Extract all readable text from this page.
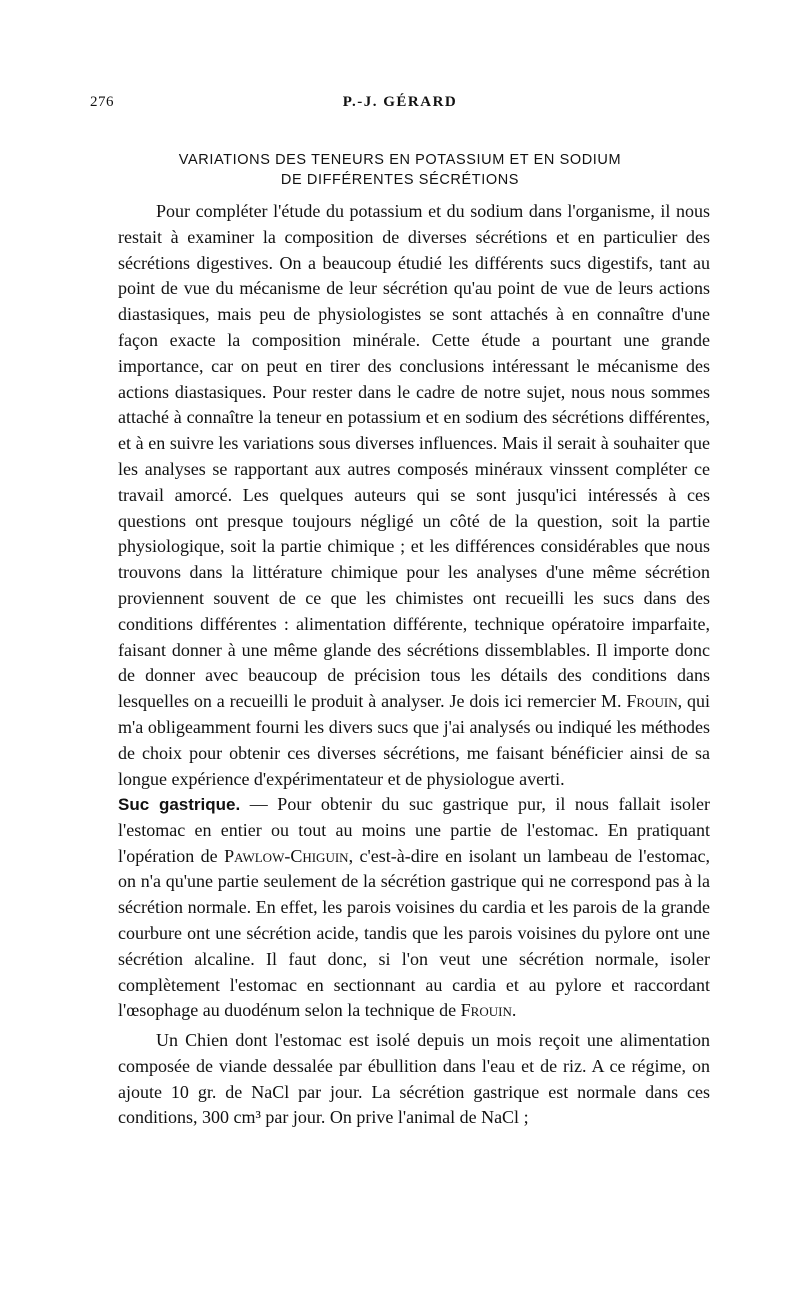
276	P.-J. GÉRARD
VARIATIONS DES TENEURS EN POTASSIUM ET EN SODIUM
DE DIFFÉRENTES SÉCRÉTIONS

Pour compléter l'étude du potassium et du sodium dans l'organisme, il nous restait à examiner la composition de diverses sécrétions et en particulier des sécrétions digestives. On a beaucoup étudié les différents sucs digestifs, tant au point de vue du mécanisme de leur sécrétion qu'au point de vue de leurs actions diastasiques, mais peu de physiologistes se sont attachés à en connaître d'une façon exacte la composition minérale. Cette étude a pourtant une grande importance, car on peut en tirer des conclusions intéressant le mécanisme des actions diastasiques. Pour rester dans le cadre de notre sujet, nous nous sommes attaché à connaître la teneur en potassium et en sodium des sécrétions différentes, et à en suivre les variations sous diverses influences. Mais il serait à souhaiter que les analyses se rapportant aux autres composés minéraux vinssent compléter ce travail amorcé. Les quelques auteurs qui se sont jusqu'ici intéressés à ces questions ont presque toujours négligé un côté de la question, soit la partie physiologique, soit la partie chimique ; et les différences considérables que nous trouvons dans la littérature chimique pour les analyses d'une même sécrétion proviennent souvent de ce que les chimistes ont recueilli les sucs dans des conditions différentes : alimentation différente, technique opératoire imparfaite, faisant donner à une même glande des sécrétions dissemblables. Il importe donc de donner avec beaucoup de précision tous les détails des conditions dans lesquelles on a recueilli le produit à analyser. Je dois ici remercier M. Frouin, qui m'a obligeamment fourni les divers sucs que j'ai analysés ou indiqué les méthodes de choix pour obtenir ces diverses sécrétions, me faisant bénéficier ainsi de sa longue expérience d'expérimentateur et de physiologue averti.

Suc gastrique. — Pour obtenir du suc gastrique pur, il nous fallait isoler l'estomac en entier ou tout au moins une partie de l'estomac. En pratiquant l'opération de Pawlow-Chiguin, c'est-à-dire en isolant un lambeau de l'estomac, on n'a qu'une partie seulement de la sécrétion gastrique qui ne correspond pas à la sécrétion normale. En effet, les parois voisines du cardia et les parois de la grande courbure ont une sécrétion acide, tandis que les parois voisines du pylore ont une sécrétion alcaline. Il faut donc, si l'on veut une sécrétion normale, isoler complètement l'estomac en sectionnant au cardia et au pylore et raccordant l'œsophage au duodénum selon la technique de Frouin.

Un Chien dont l'estomac est isolé depuis un mois reçoit une alimentation composée de viande dessalée par ébullition dans l'eau et de riz. A ce régime, on ajoute 10 gr. de NaCl par jour. La sécrétion gastrique est normale dans ces conditions, 300 cm³ par jour. On prive l'animal de NaCl ;
